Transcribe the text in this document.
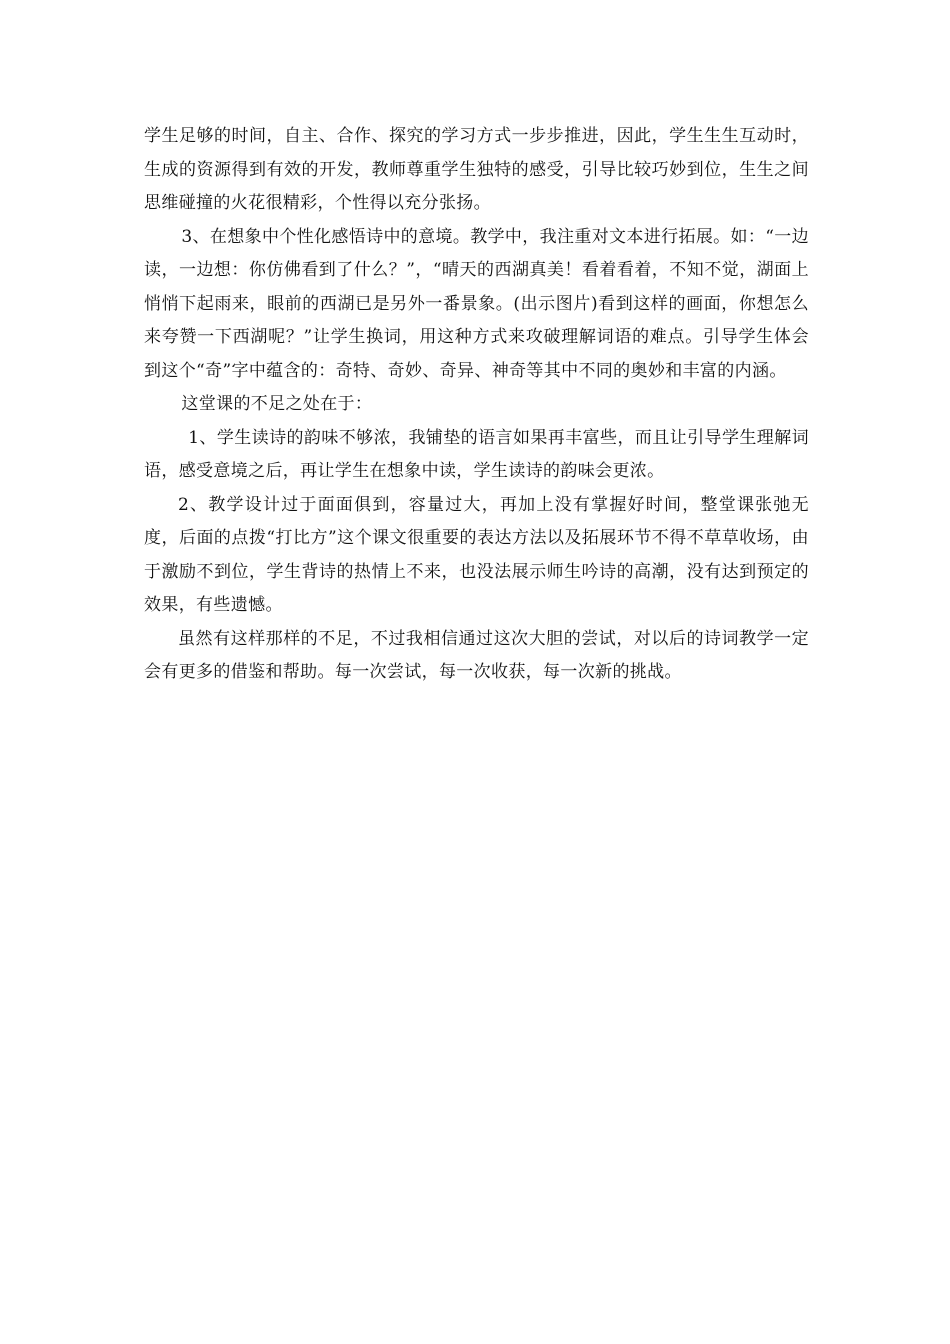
学生足够的时间，自主、合作、探究的学习方式一步步推进，因此，学生生生互动时，生成的资源得到有效的开发，教师尊重学生独特的感受，引导比较巧妙到位，生生之间思维碰撞的火花很精彩，个性得以充分张扬。

3、在想象中个性化感悟诗中的意境。教学中，我注重对文本进行拓展。如：“一边读，一边想：你仿佛看到了什么？”，“晴天的西湖真美！看着看着，不知不觉，湖面上悄悄下起雨来，眼前的西湖已是另外一番景象。(出示图片)看到这样的画面，你想怎么来夸赞一下西湖呢？”让学生换词，用这种方式来攻破理解词语的难点。引导学生体会到这个“奇”字中蕴含的：奇特、奇妙、奇异、神奇等其中不同的奥妙和丰富的内涵。

这堂课的不足之处在于：

1、学生读诗的韵味不够浓，我铺垫的语言如果再丰富些，而且让引导学生理解词语，感受意境之后，再让学生在想象中读，学生读诗的韵味会更浓。

2、教学设计过于面面俱到，容量过大，再加上没有掌握好时间，整堂课张弛无度，后面的点拨“打比方”这个课文很重要的表达方法以及拓展环节不得不草草收场，由于激励不到位，学生背诗的热情上不来，也没法展示师生吟诗的高潮，没有达到预定的效果，有些遗憾。

虽然有这样那样的不足，不过我相信通过这次大胆的尝试，对以后的诗词教学一定会有更多的借鉴和帮助。每一次尝试，每一次收获，每一次新的挑战。
